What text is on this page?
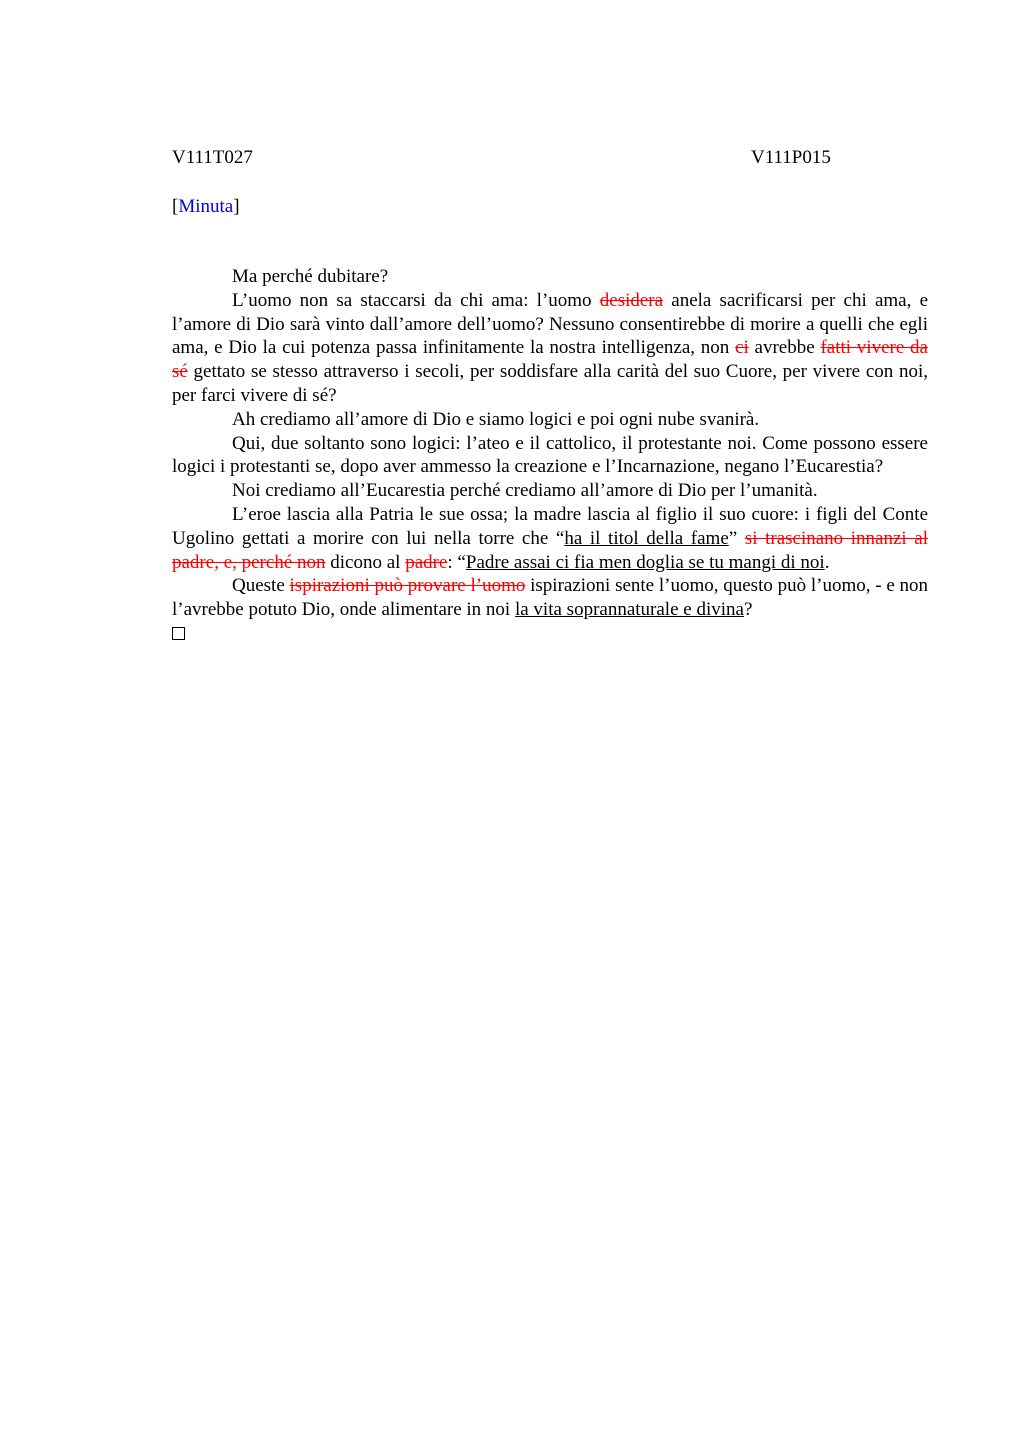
V111T027	V111P015
[Minuta]

Ma perché dubitare?

L’uomo non sa staccarsi da chi ama: l’uomo desidera anela sacrificarsi per chi ama, e l’amore di Dio sarà vinto dall’amore dell’uomo? Nessuno consentirebbe di morire a quelli che egli ama, e Dio la cui potenza passa infinitamente la nostra intelligenza, non ci avrebbe fatti vivere da sé gettato se stesso attraverso i secoli, per soddisfare alla carità del suo Cuore, per vivere con noi, per farci vivere di sé?

Ah crediamo all’amore di Dio e siamo logici e poi ogni nube svanirà.

Qui, due soltanto sono logici: l’ateo e il cattolico, il protestante noi. Come possono essere logici i protestanti se, dopo aver ammesso la creazione e l’Incarnazione, negano l’Eucarestia?

Noi crediamo all’Eucarestia perché crediamo all’amore di Dio per l’umanità.

L’eroe lascia alla Patria le sue ossa; la madre lascia al figlio il suo cuore: i figli del Conte Ugolino gettati a morire con lui nella torre che “ha il titol della fame” si trascinano innanzi al padre, e, perché non dicono al padre: “Padre assai ci fia men doglia se tu mangi di noi.

Queste ispirazioni può provare l’uomo ispirazioni sente l’uomo, questo può l’uomo, - e non l’avrebbe potuto Dio, onde alimentare in noi la vita soprannaturale e divina?
